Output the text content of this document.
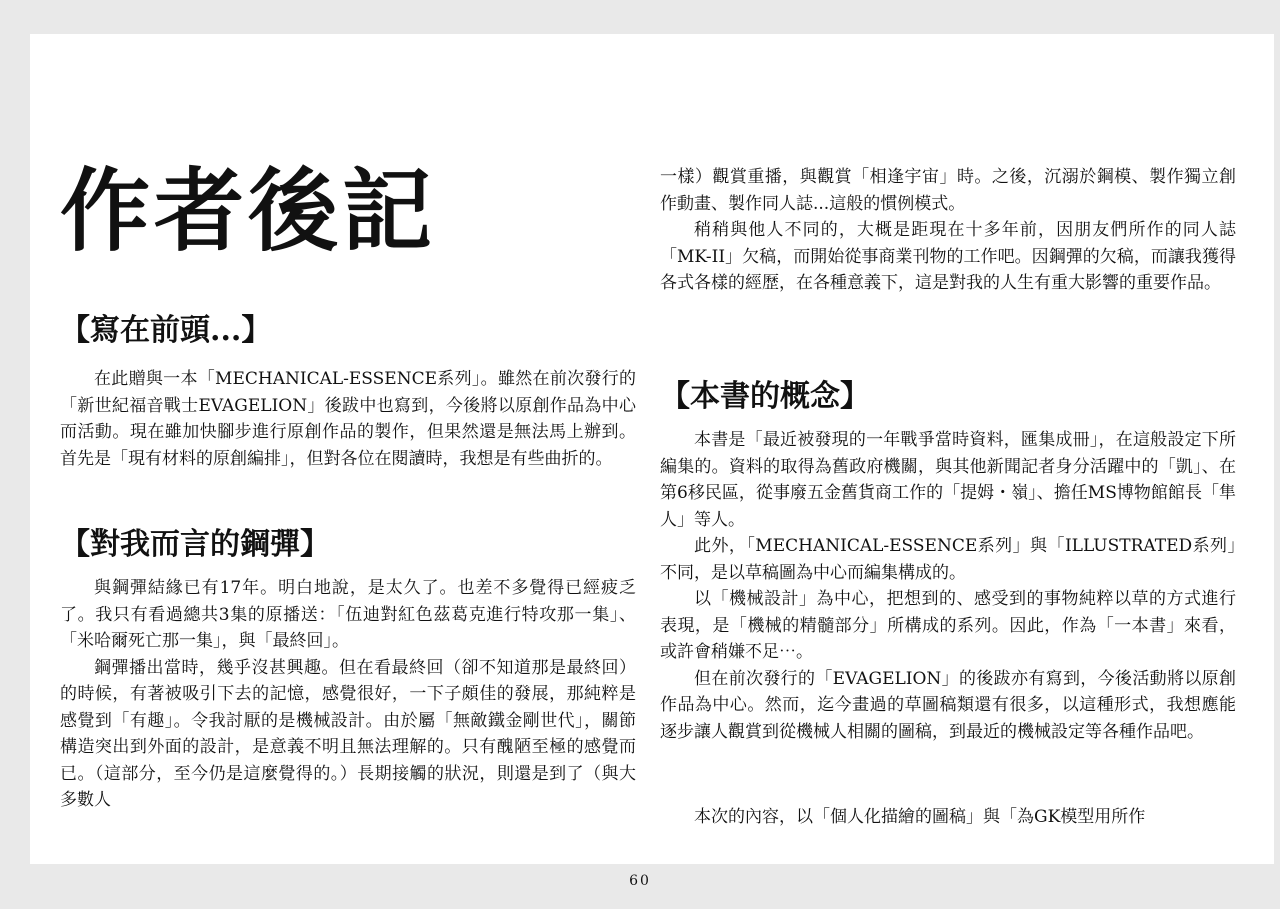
作者後記
【寫在前頭...】

在此贈與一本「MECHANICAL-ESSENCE系列」。雖然在前次發行的「新世紀福音戰士EVAGELION」後跋中也寫到，今後將以原創作品為中心而活動。現在雖加快腳步進行原創作品的製作，但果然還是無法馬上辦到。首先是「現有材料的原創編排」，但對各位在閱讀時，我想是有些曲折的。

【對我而言的鋼彈】

與鋼彈結緣已有17年。明白地說，是太久了。也差不多覺得已經疲乏了。我只有看過總共3集的原播送：「伍迪對紅色茲葛克進行特攻那一集」、「米哈爾死亡那一集」，與「最終回」。

鋼彈播出當時，幾乎沒甚興趣。但在看最終回（卻不知道那是最終回）的時候，有著被吸引下去的記憶，感覺很好，一下子頗佳的發展，那純粹是感覺到「有趣」。令我討厭的是機械設計。由於屬「無敵鐵金剛世代」，關節構造突出到外面的設計，是意義不明且無法理解的。只有醜陋至極的感覺而已。（這部分，至今仍是這麼覺得的。）長期接觸的狀況，則還是到了（與大多數人

一樣）觀賞重播，與觀賞「相逢宇宙」時。之後，沉溺於鋼模、製作獨立創作動畫、製作同人誌...這般的慣例模式。

稍稍與他人不同的，大概是距現在十多年前，因朋友們所作的同人誌「MK-II」欠稿，而開始從事商業刊物的工作吧。因鋼彈的欠稿，而讓我獲得各式各樣的經歷，在各種意義下，這是對我的人生有重大影響的重要作品。

【本書的概念】

本書是「最近被發現的一年戰爭當時資料，匯集成冊」，在這般設定下所編集的。資料的取得為舊政府機關，與其他新聞記者身分活躍中的「凱」、在第6移民區，從事廢五金舊貨商工作的「提姆・嶺」、擔任MS博物館館長「隼人」等人。

此外，「MECHANICAL-ESSENCE系列」與「ILLUSTRATED系列」不同，是以草稿圖為中心而編集構成的。

以「機械設計」為中心，把想到的、感受到的事物純粹以草的方式進行表現，是「機械的精髓部分」所構成的系列。因此，作為「一本書」來看，或許會稍嫌不足⋯。

但在前次發行的「EVAGELION」的後跋亦有寫到，今後活動將以原創作品為中心。然而，迄今畫過的草圖稿類還有很多，以這種形式，我想應能逐步讓人觀賞到從機械人相關的圖稿，到最近的機械設定等各種作品吧。

本次的內容，以「個人化描繪的圖稿」與「為GK模型用所作

60
